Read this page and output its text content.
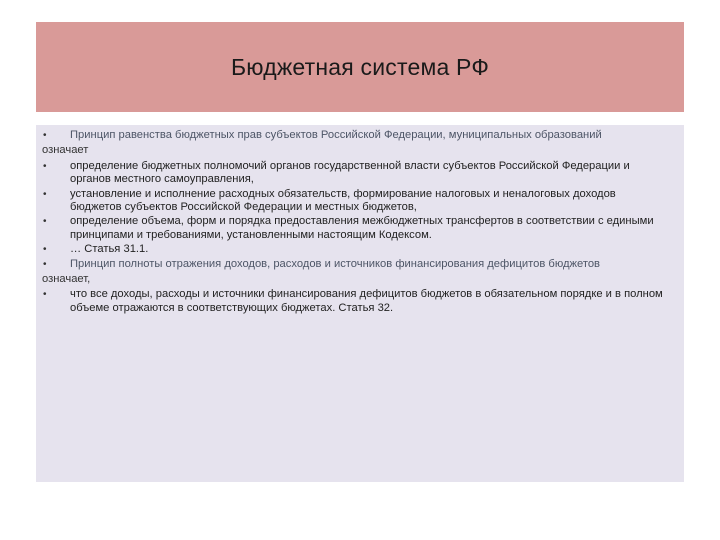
Бюджетная система РФ
•	Принцип равенства бюджетных прав субъектов Российской Федерации, муниципальных образований
означает
•	определение бюджетных полномочий органов государственной власти субъектов Российской Федерации и органов местного самоуправления,
•	установление и исполнение расходных обязательств, формирование налоговых и неналоговых доходов бюджетов субъектов Российской Федерации и местных бюджетов,
•	определение объема, форм и порядка предоставления межбюджетных трансфертов в соответствии с едиными принципами и требованиями, установленными настоящим Кодексом.
•	… Статья 31.1.
•	Принцип полноты отражения доходов, расходов и источников финансирования дефицитов бюджетов
означает,
•	что все доходы, расходы и источники финансирования дефицитов бюджетов в обязательном порядке и в полном объеме отражаются в соответствующих бюджетах. Статья 32.
